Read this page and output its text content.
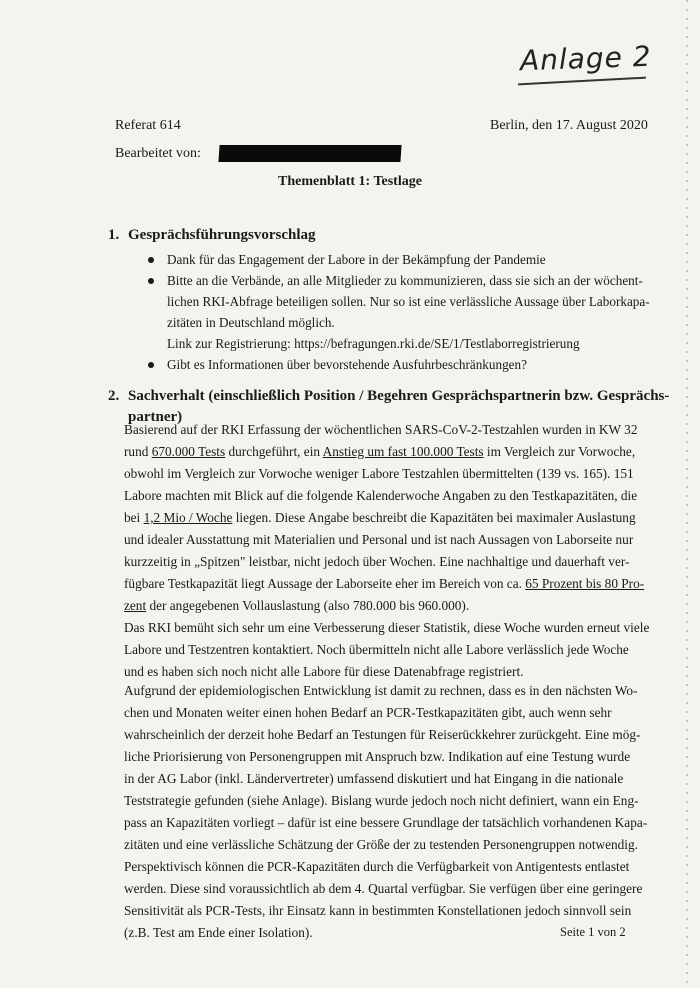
Anlage 2
Referat 614	Berlin, den 17. August 2020
Bearbeitet von:
Themenblatt 1: Testlage
1. Gesprächsführungsvorschlag
Dank für das Engagement der Labore in der Bekämpfung der Pandemie
Bitte an die Verbände, an alle Mitglieder zu kommunizieren, dass sie sich an der wöchent-
lichen RKI-Abfrage beteiligen sollen. Nur so ist eine verlässliche Aussage über Laborkapa-
zitäten in Deutschland möglich.
Link zur Registrierung: https://befragungen.rki.de/SE/1/Testlaborregistrierung
Gibt es Informationen über bevorstehende Ausfuhrbeschränkungen?
2. Sachverhalt (einschließlich Position / Begehren Gesprächspartnerin bzw. Gesprächs-
partner)
Basierend auf der RKI Erfassung der wöchentlichen SARS-CoV-2-Testzahlen wurden in KW 32
rund 670.000 Tests durchgeführt, ein Anstieg um fast 100.000 Tests im Vergleich zur Vorwoche,
obwohl im Vergleich zur Vorwoche weniger Labore Testzahlen übermittelten (139 vs. 165). 151
Labore machten mit Blick auf die folgende Kalenderwoche Angaben zu den Testkapazitäten, die
bei 1,2 Mio / Woche liegen. Diese Angabe beschreibt die Kapazitäten bei maximaler Auslastung
und idealer Ausstattung mit Materialien und Personal und ist nach Aussagen von Laborseite nur
kurzzeitig in „Spitzen" leistbar, nicht jedoch über Wochen. Eine nachhaltige und dauerhaft ver-
fügbare Testkapazität liegt Aussage der Laborseite eher im Bereich von ca. 65 Prozent bis 80 Pro-
zent der angegebenen Vollauslastung (also 780.000 bis 960.000).
Das RKI bemüht sich sehr um eine Verbesserung dieser Statistik, diese Woche wurden erneut viele
Labore und Testzentren kontaktiert. Noch übermitteln nicht alle Labore verlässlich jede Woche
und es haben sich noch nicht alle Labore für diese Datenabfrage registriert.
Aufgrund der epidemiologischen Entwicklung ist damit zu rechnen, dass es in den nächsten Wo-
chen und Monaten weiter einen hohen Bedarf an PCR-Testkapazitäten gibt, auch wenn sehr
wahrscheinlich der derzeit hohe Bedarf an Testungen für Reiserückkehrer zurückgeht. Eine mög-
liche Priorisierung von Personengruppen mit Anspruch bzw. Indikation auf eine Testung wurde
in der AG Labor (inkl. Ländervertreter) umfassend diskutiert und hat Eingang in die nationale
Teststrategie gefunden (siehe Anlage). Bislang wurde jedoch noch nicht definiert, wann ein Eng-
pass an Kapazitäten vorliegt – dafür ist eine bessere Grundlage der tatsächlich vorhandenen Kapa-
zitäten und eine verlässliche Schätzung der Größe der zu testenden Personengruppen notwendig.
Perspektivisch können die PCR-Kapazitäten durch die Verfügbarkeit von Antigentests entlastet
werden. Diese sind voraussichtlich ab dem 4. Quartal verfügbar. Sie verfügen über eine geringere
Sensitivität als PCR-Tests, ihr Einsatz kann in bestimmten Konstellationen jedoch sinnvoll sein
(z.B. Test am Ende einer Isolation).	Seite 1 von 2
